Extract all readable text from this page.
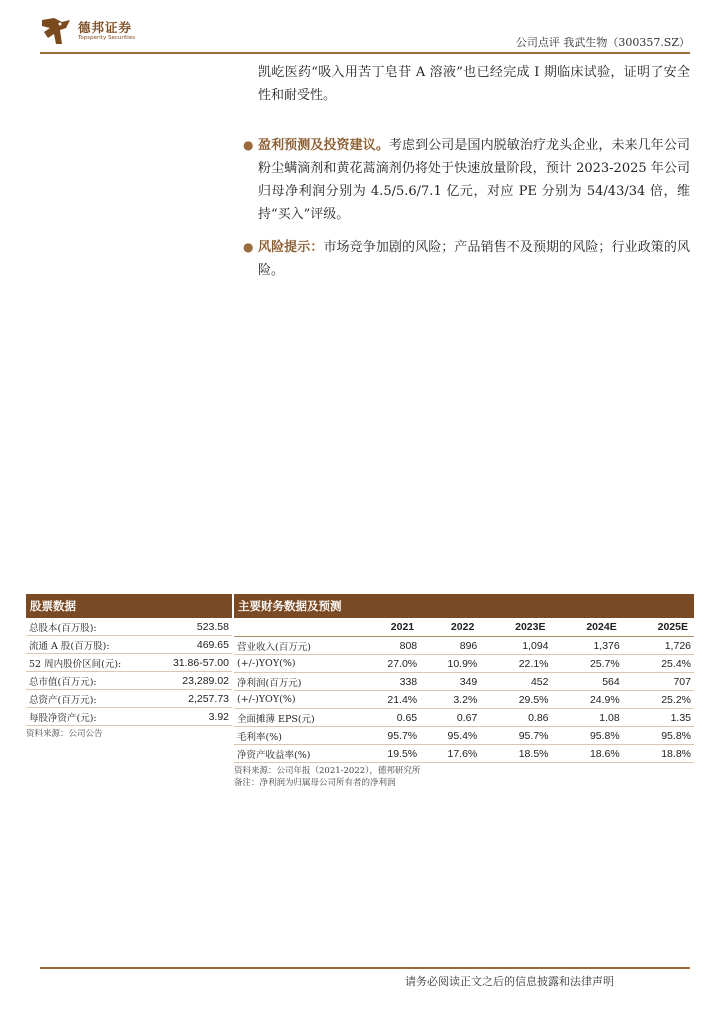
德邦证券
Topsperity Securities	公司点评 我武生物（300357.SZ）
凯屹医药“吸入用苦丁皂苷 A 溶液”也已经完成 I 期临床试验，证明了安全性和耐受性。
● 盈利预测及投资建议。考虑到公司是国内脱敏治疗龙头企业，未来几年公司粉尘螨滴剂和黄花蒿滴剂仍将处于快速放量阶段，预计 2023-2025 年公司归母净利润分别为 4.5/5.6/7.1 亿元，对应 PE 分别为 54/43/34 倍，维持“买入”评级。
● 风险提示：市场竞争加剧的风险；产品销售不及预期的风险；行业政策的风险。
股票数据
总股本(百万股):	523.58
流通 A 股(百万股):	469.65
52 周内股价区间(元):	31.86-57.00
总市值(百万元):	23,289.02
总资产(百万元):	2,257.73
每股净资产(元):	3.92
资料来源：公司公告
主要财务数据及预测
	2021	2022	2023E	2024E	2025E
营业收入(百万元)	808	896	1,094	1,376	1,726
(+/-)YOY(%)	27.0%	10.9%	22.1%	25.7%	25.4%
净利润(百万元)	338	349	452	564	707
(+/-)YOY(%)	21.4%	3.2%	29.5%	24.9%	25.2%
全面摊薄 EPS(元)	0.65	0.67	0.86	1.08	1.35
毛利率(%)	95.7%	95.4%	95.7%	95.8%	95.8%
净资产收益率(%)	19.5%	17.6%	18.5%	18.6%	18.8%
资料来源：公司年报（2021-2022），德邦研究所
备注：净利润为归属母公司所有者的净利润
请务必阅读正文之后的信息披露和法律声明
